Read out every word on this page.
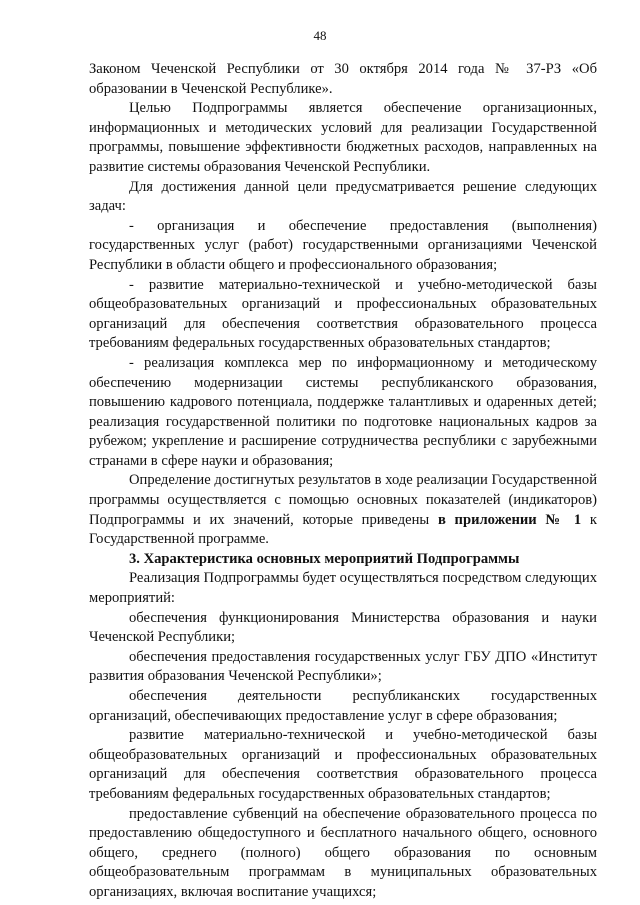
48

Законом Чеченской Республики от 30 октября 2014 года № 37-РЗ «Об образовании в Чеченской Республике».

Целью Подпрограммы является обеспечение организационных, информационных и методических условий для реализации Государственной программы, повышение эффективности бюджетных расходов, направленных на развитие системы образования Чеченской Республики.

Для достижения данной цели предусматривается решение следующих задач:

- организация и обеспечение предоставления (выполнения) государственных услуг (работ) государственными организациями Чеченской Республики в области общего и профессионального образования;

- развитие материально-технической и учебно-методической базы общеобразовательных организаций и профессиональных образовательных организаций для обеспечения соответствия образовательного процесса требованиям федеральных государственных образовательных стандартов;

- реализация комплекса мер по информационному и методическому обеспечению модернизации системы республиканского образования, повышению кадрового потенциала, поддержке талантливых и одаренных детей; реализация государственной политики по подготовке национальных кадров за рубежом; укрепление и расширение сотрудничества республики с зарубежными странами в сфере науки и образования;

Определение достигнутых результатов в ходе реализации Государственной программы осуществляется с помощью основных показателей (индикаторов) Подпрограммы и их значений, которые приведены в приложении № 1 к Государственной программе.

3. Характеристика основных мероприятий Подпрограммы

Реализация Подпрограммы будет осуществляться посредством следующих мероприятий:

обеспечения функционирования Министерства образования и науки Чеченской Республики;

обеспечения предоставления государственных услуг ГБУ ДПО «Институт развития образования Чеченской Республики»;

обеспечения деятельности республиканских государственных организаций, обеспечивающих предоставление услуг в сфере образования;

развитие материально-технической и учебно-методической базы общеобразовательных организаций и профессиональных образовательных организаций для обеспечения соответствия образовательного процесса требованиям федеральных государственных образовательных стандартов;

предоставление субвенций на обеспечение образовательного процесса по предоставлению общедоступного и бесплатного начального общего, основного общего, среднего (полного) общего образования по основным общеобразовательным программам в муниципальных образовательных организациях, включая воспитание учащихся;
